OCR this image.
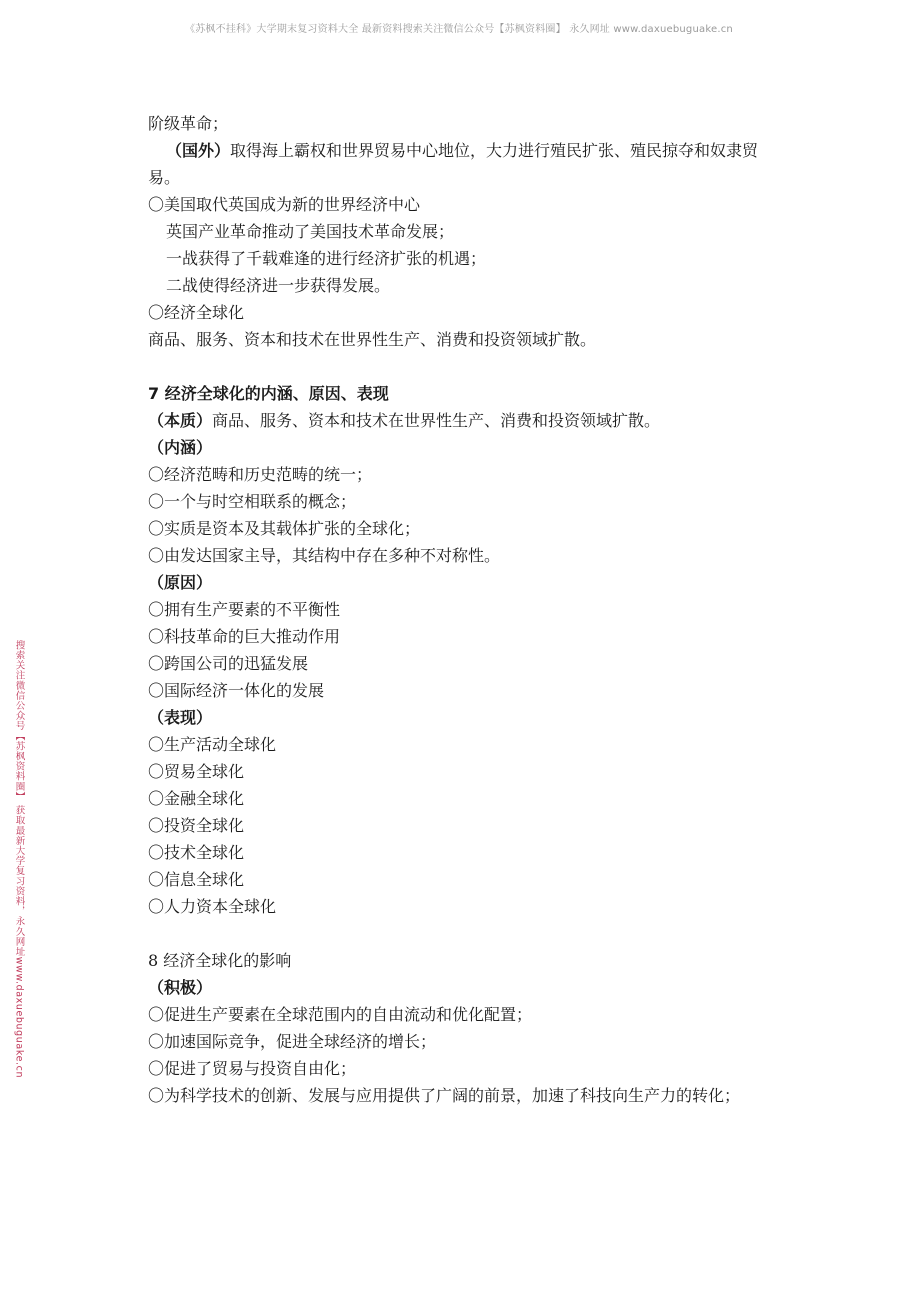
《苏枫不挂科》大学期末复习资料大全 最新资料搜索关注微信公众号【苏枫资料圈】 永久网址 www.daxuebuguake.cn
搜索关注微信公众号【苏枫资料圈】 获取最新大学复习资料，永久网址www.daxuebuguake.cn
阶级革命；
（国外）取得海上霸权和世界贸易中心地位，大力进行殖民扩张、殖民掠夺和奴隶贸易。
〇美国取代英国成为新的世界经济中心
英国产业革命推动了美国技术革命发展；
一战获得了千载难逢的进行经济扩张的机遇；
二战使得经济进一步获得发展。
〇经济全球化
商品、服务、资本和技术在世界性生产、消费和投资领域扩散。
7 经济全球化的内涵、原因、表现
（本质）商品、服务、资本和技术在世界性生产、消费和投资领域扩散。
（内涵）
〇经济范畴和历史范畴的统一；
〇一个与时空相联系的概念；
〇实质是资本及其载体扩张的全球化；
〇由发达国家主导，其结构中存在多种不对称性。
（原因）
〇拥有生产要素的不平衡性
〇科技革命的巨大推动作用
〇跨国公司的迅猛发展
〇国际经济一体化的发展
（表现）
〇生产活动全球化
〇贸易全球化
〇金融全球化
〇投资全球化
〇技术全球化
〇信息全球化
〇人力资本全球化
8 经济全球化的影响
（积极）
〇促进生产要素在全球范围内的自由流动和优化配置；
〇加速国际竞争，促进全球经济的增长；
〇促进了贸易与投资自由化；
〇为科学技术的创新、发展与应用提供了广阔的前景，加速了科技向生产力的转化；
